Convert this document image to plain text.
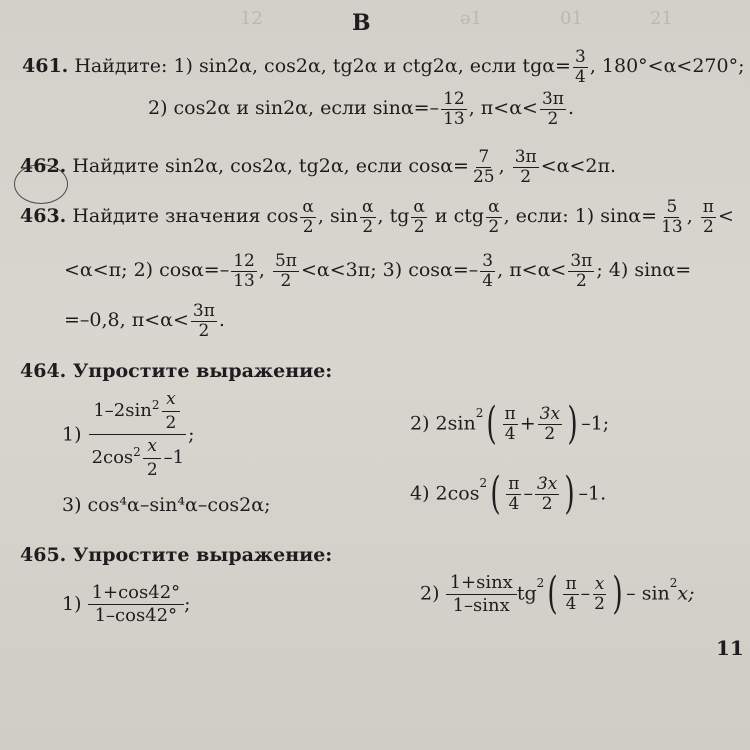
12	ə1	01	21
В
461. Найдите: 1) sin2α, cos2α, tg2α и ctg2α, если $tg\alpha= \frac{3}{4}$ , 180°<α<270°;
2) cos2α и sin2α, если $\sin\alpha=- \frac{12}{13}$ , $\pi<\alpha< \frac{3\pi}{2}$ .
462. Найдите sin2α, cos2α, tg2α, если $\cos\alpha= \frac{7}{25}$ , $\frac{3\pi}{2} <\alpha<2\pi$.
463. Найдите значения $\cos \frac{\alpha}{2}$ , $\sin \frac{\alpha}{2}$ , tg $\frac{\alpha}{2}$ и ctg $\frac{\alpha}{2}$ , если: 1) $\sin\alpha= \frac{5}{13}$ , $\frac{\pi}{2}$ <
<α<π; 2) $\cos\alpha=- \frac{12}{13}$ , $\frac{5\pi}{2} <\alpha<3\pi$; 3) $\cos\alpha=- \frac{3}{4}$ , $\pi<\alpha< \frac{3\pi}{2}$ ; 4) sinα=
=–0,8, $\pi<\alpha< \frac{3\pi}{2}$ .
464. Упростите выражение:
$1) \frac{1-2\sin^2 \frac{x}{2}}{2\cos^2 \frac{x}{2} -1}$ ;	2) $2\sin^2( \frac{\pi}{4} + \frac{3x}{2}$ ) –1;
3) cos⁴α–sin⁴α–cos2α;
4) $2\cos^2( \frac{\pi}{4} - \frac{3x}{2}$ ) –1.
465. Упростите выражение:
$1) \frac{1+\cos 42^\circ}{1-\cos 42^\circ}$ ;	$2) \frac{1+\sin x}{1-\sin x} tg^2( \frac{\pi}{4} - \frac{x}{2}$ ) – $\sin^2x$;
11
